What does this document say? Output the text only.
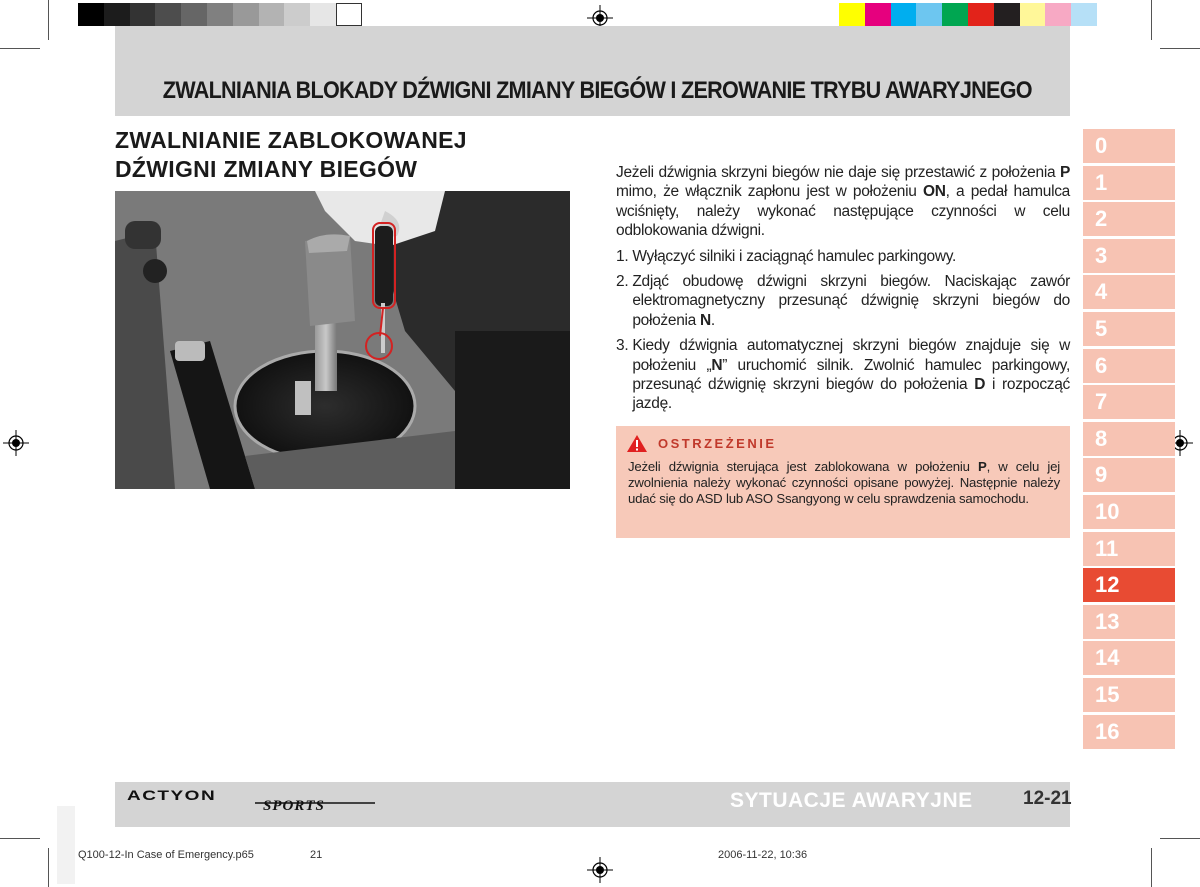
ZWALNIANIA BLOKADY DŹWIGNI ZMIANY BIEGÓW I ZEROWANIE TRYBU AWARYJNEGO
ZWALNIANIE ZABLOKOWANEJ DŹWIGNI ZMIANY BIEGÓW	Jeżeli dźwignia skrzyni biegów nie daje się przestawić z położenia P mimo, że włącznik zapłonu jest w położeniu ON, a pedał hamulca wciśnięty, należy wykonać następujące czynności w celu odblokowania dźwigni.

1. Wyłączyć silniki i zaciągnąć hamulec parkingowy.
2. Zdjąć obudowę dźwigni skrzyni biegów. Naciskając zawór elektromagnetyczny przesunąć dźwignię skrzyni biegów do położenia N.
3. Kiedy dźwignia automatycznej skrzyni biegów znajduje się w położeniu „N” uruchomić silnik. Zwolnić hamulec parkingowy, przesunąć dźwignię skrzyni biegów do położenia D i rozpocząć jazdę.
OSTRZEŻENIE
Jeżeli dźwignia sterująca jest zablokowana w położeniu P, w celu jej zwolnienia należy wykonać czynności opisane powyżej. Następnie należy udać się do ASD lub ASO Ssangyong w celu sprawdzenia samochodu.
0
1
2
3
4
5
6
7
8
9
10
11
12
13
14
15
16
ACTYON
SPORTS	SYTUACJE AWARYJNE	12-21
Q100-12-In Case of Emergency.p65	21	2006-11-22, 10:36
